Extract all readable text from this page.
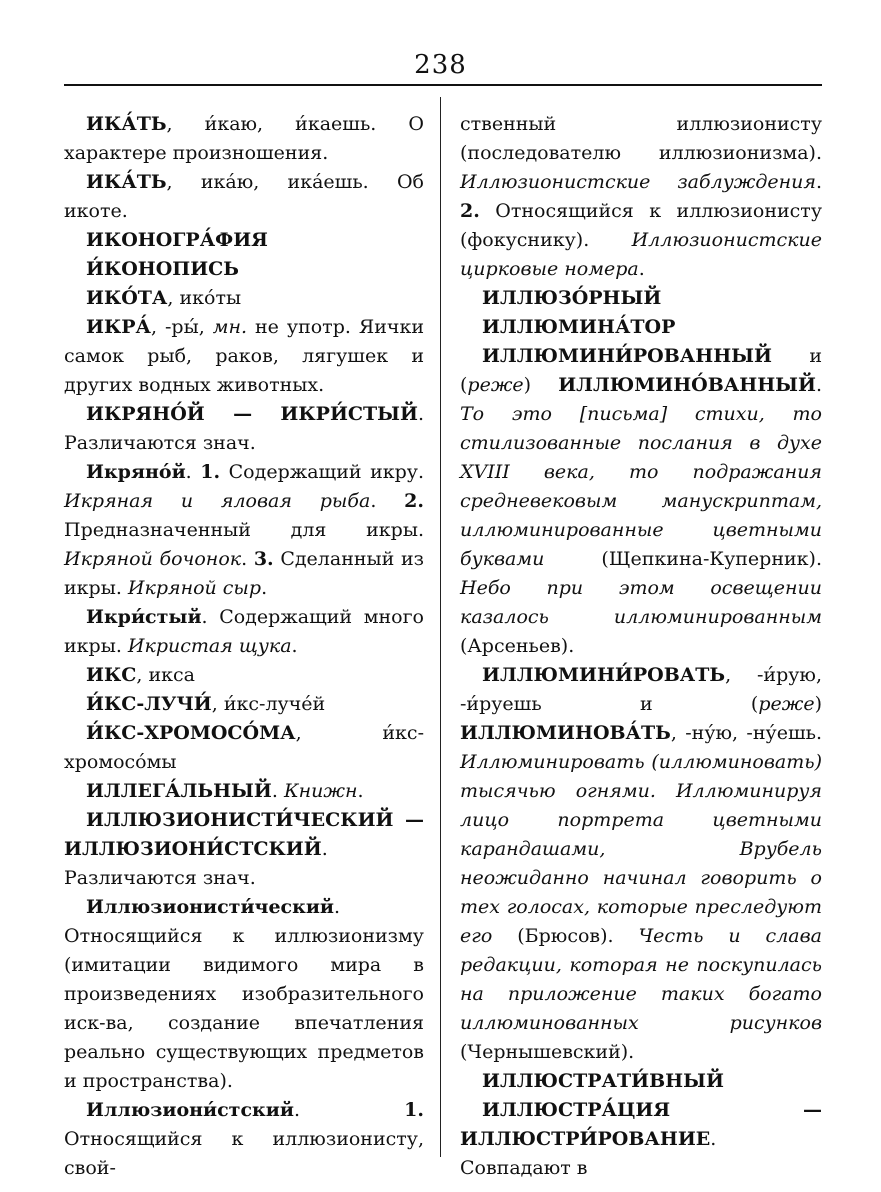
238

ИКА́ТЬ, и́каю, и́каешь. О характере произношения.

ИКА́ТЬ, ика́ю, ика́ешь. Об икоте.

ИКОНОГРА́ФИЯ

И́КОНОПИСЬ

ИКО́ТА, ико́ты

ИКРА́, -ры́, мн. не употр. Яички самок рыб, раков, лягушек и других водных животных.

ИКРЯНО́Й — ИКРИ́СТЫЙ. Различаются знач.

Икряно́й. 1. Содержащий икру. Икряная и яловая рыба. 2. Предназначенный для икры. Икряной бочонок. 3. Сделанный из икры. Икряной сыр.

Икри́стый. Содержащий много икры. Икристая щука.

ИКС, икса

И́КС-ЛУЧИ́, и́кс-луче́й

И́КС-ХРОМОСО́МА, и́кс-хромосо́мы

ИЛЛЕГА́ЛЬНЫЙ. Книжн.

ИЛЛЮЗИОНИСТИ́ЧЕСКИЙ — ИЛЛЮЗИОНИ́СТСКИЙ. Различаются знач.

Иллюзионисти́ческий. Относящийся к иллюзионизму (имитации видимого мира в произведениях изобразительного иск-ва, создание впечатления реально существующих предметов и пространства).

Иллюзиони́стский. 1. Относящийся к иллюзионисту, свой-

ственный иллюзионисту (последователю иллюзионизма). Иллюзионистские заблуждения. 2. Относящийся к иллюзионисту (фокуснику). Иллюзионистские цирковые номера.

ИЛЛЮЗО́РНЫЙ

ИЛЛЮМИНА́ТОР

ИЛЛЮМИНИ́РОВАННЫЙ и (реже) ИЛЛЮМИНО́ВАННЫЙ. То это [письма] стихи, то стилизованные послания в духе XVIII века, то подражания средневековым манускриптам, иллюминированные цветными буквами (Щепкина-Куперник). Небо при этом освещении казалось иллюминированным (Арсеньев).

ИЛЛЮМИНИ́РОВАТЬ, -и́рую, -и́руешь и (реже) ИЛЛЮМИНОВА́ТЬ, -ну́ю, -ну́ешь. Иллюминировать (иллюминовать) тысячью огнями. Иллюминируя лицо портрета цветными карандашами, Врубель неожиданно начинал говорить о тех голосах, которые преследуют его (Брюсов). Честь и слава редакции, которая не поскупилась на приложение таких богато иллюминованных рисунков (Чернышевский).

ИЛЛЮСТРАТИ́ВНЫЙ

ИЛЛЮСТРА́ЦИЯ — ИЛЛЮСТРИ́РОВАНИЕ. Совпадают в
